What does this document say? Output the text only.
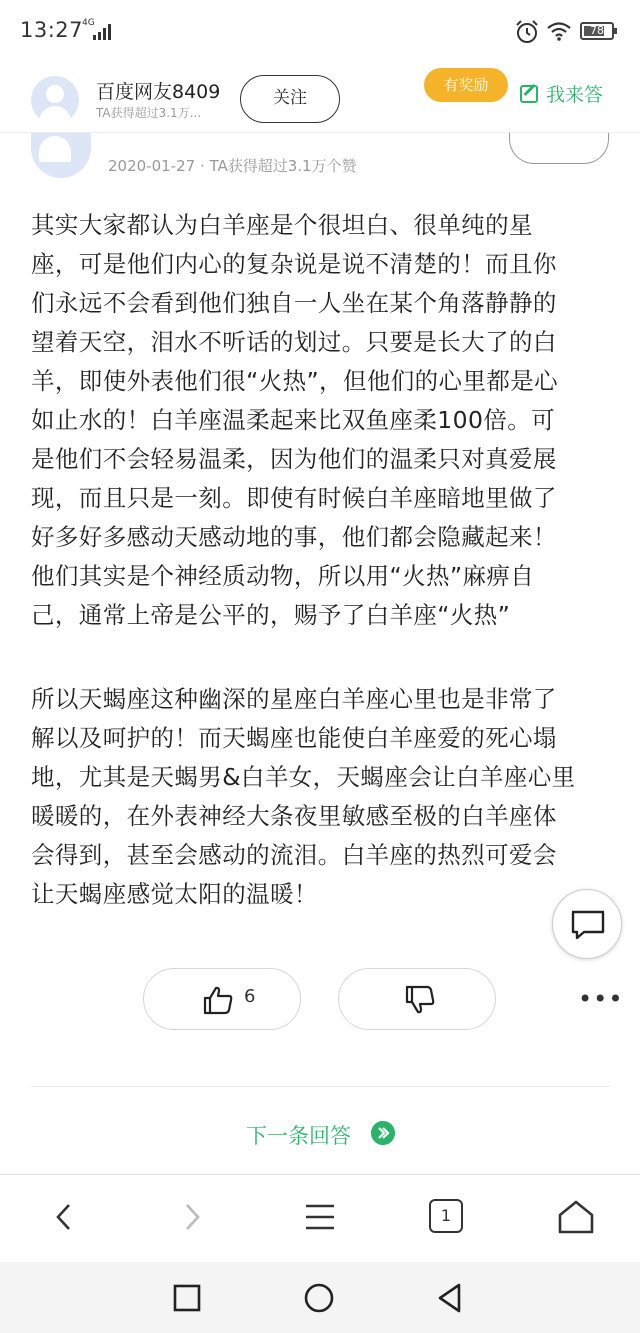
13:27
4G
78
2020-01-27 · TA获得超过3.1万个赞
百度网友8409
TA获得超过3.1万...
关注
有奖励	我来答
其实大家都认为白羊座是个很坦白、很单纯的星
座，可是他们内心的复杂说是说不清楚的！而且你
们永远不会看到他们独自一人坐在某个角落静静的
望着天空，泪水不听话的划过。只要是长大了的白
羊，即使外表他们很“火热”，但他们的心里都是心
如止水的！白羊座温柔起来比双鱼座柔100倍。可
是他们不会轻易温柔，因为他们的温柔只对真爱展
现，而且只是一刻。即使有时候白羊座暗地里做了
好多好多感动天感动地的事，他们都会隐藏起来！
他们其实是个神经质动物，所以用“火热”麻痹自
己，通常上帝是公平的，赐予了白羊座“火热”
所以天蝎座这种幽深的星座白羊座心里也是非常了
解以及呵护的！而天蝎座也能使白羊座爱的死心塌
地，尤其是天蝎男&白羊女，天蝎座会让白羊座心里
暖暖的，在外表神经大条夜里敏感至极的白羊座体
会得到，甚至会感动的流泪。白羊座的热烈可爱会
让天蝎座感觉太阳的温暖！
6	•••
下一条回答
1
